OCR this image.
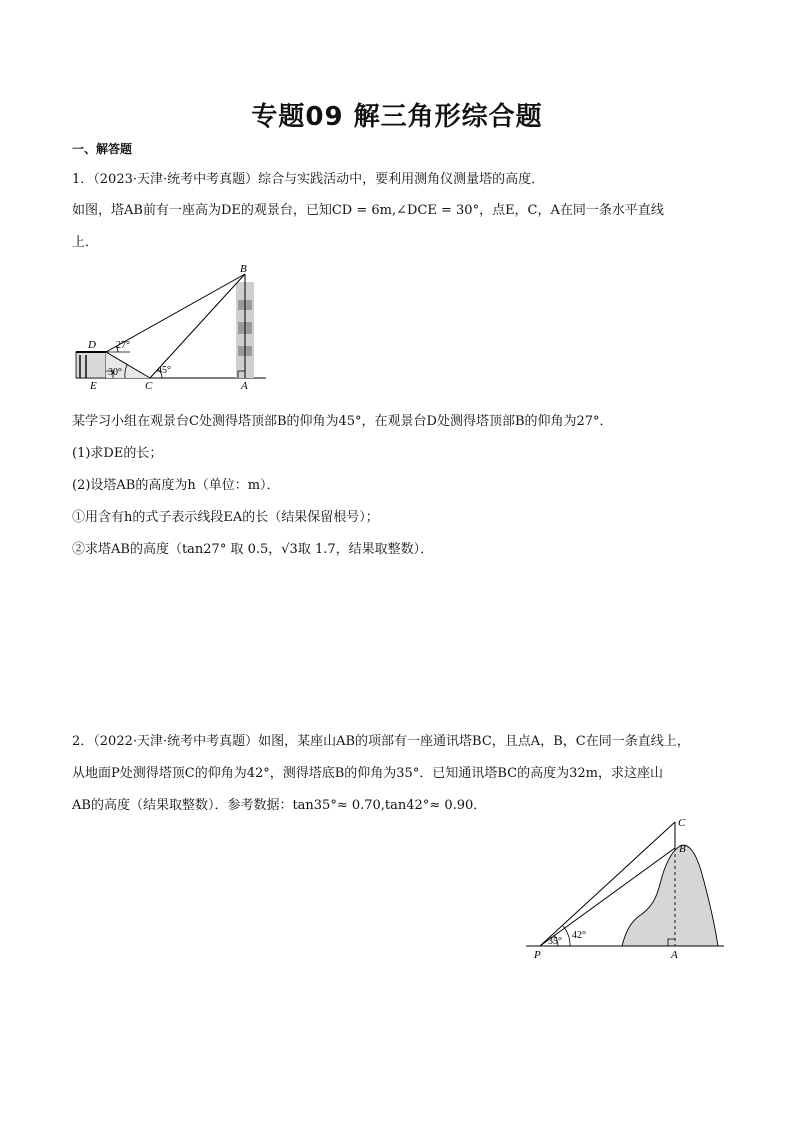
专题09 解三角形综合题
一、解答题
1．（2023·天津·统考中考真题）综合与实践活动中，要利用测角仪测量塔的高度．
如图，塔AB前有一座高为DE的观景台，已知CD = 6m,∠DCE = 30°，点E，C，A在同一条水平直线
上．
B
D
E	C	A
27°
30°	45°
某学习小组在观景台C处测得塔顶部B的仰角为45°，在观景台D处测得塔顶部B的仰角为27°．
(1)求DE的长；
(2)设塔AB的高度为h（单位：m）．
①用含有h的式子表示线段EA的长（结果保留根号）；
②求塔AB的高度（tan27° 取 0.5，√3取 1.7，结果取整数）．
2．（2022·天津·统考中考真题）如图，某座山AB的项部有一座通讯塔BC，且点A，B，C在同一条直线上，
从地面P处测得塔顶C的仰角为42°，测得塔底B的仰角为35°．已知通讯塔BC的高度为32m，求这座山
AB的高度（结果取整数）．参考数据：tan35°≈ 0.70,tan42°≈ 0.90．
C
B
P	A
42°
35°
